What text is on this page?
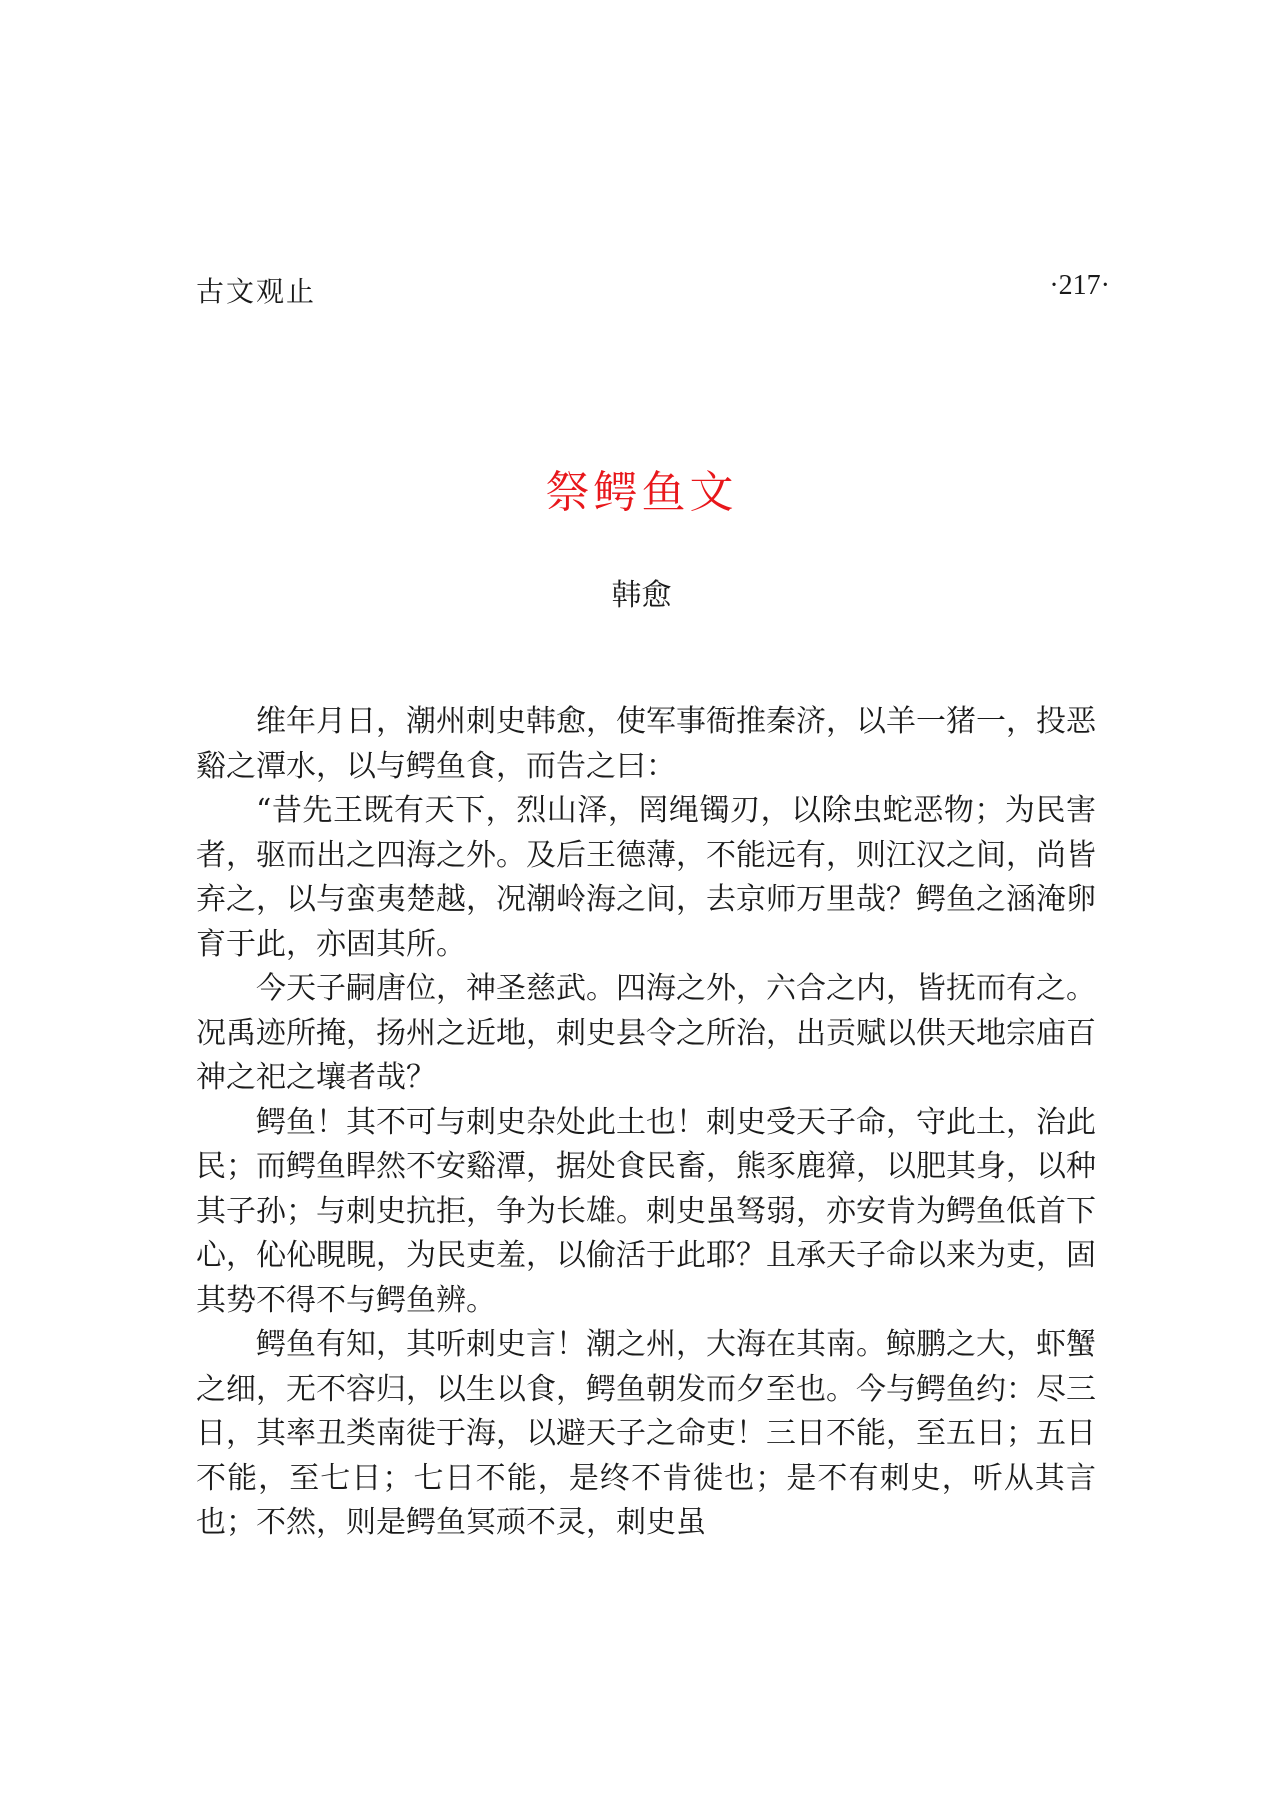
古文观止	·217·
祭鳄鱼文
韩愈

维年月日，潮州刺史韩愈，使军事衙推秦济，以羊一猪一，投恶谿之潭水，以与鳄鱼食，而告之曰：

“昔先王既有天下，烈山泽，罔绳镯刃，以除虫蛇恶物；为民害者，驱而出之四海之外。及后王德薄，不能远有，则江汉之间，尚皆弃之，以与蛮夷楚越，况潮岭海之间，去京师万里哉？鳄鱼之涵淹卵育于此，亦固其所。

今天子嗣唐位，神圣慈武。四海之外，六合之内，皆抚而有之。况禹迹所掩，扬州之近地，刺史县令之所治，出贡赋以供天地宗庙百神之祀之壤者哉？

鳄鱼！其不可与刺史杂处此土也！刺史受天子命，守此土，治此民；而鳄鱼睅然不安谿潭，据处食民畜，熊豕鹿獐，以肥其身，以种其子孙；与刺史抗拒，争为长雄。刺史虽驽弱，亦安肯为鳄鱼低首下心，伈伈睍睍，为民吏羞，以偷活于此耶？且承天子命以来为吏，固其势不得不与鳄鱼辨。

鳄鱼有知，其听刺史言！潮之州，大海在其南。鲸鹏之大，虾蟹之细，无不容归，以生以食，鳄鱼朝发而夕至也。今与鳄鱼约：尽三日，其率丑类南徙于海，以避天子之命吏！三日不能，至五日；五日不能，至七日；七日不能，是终不肯徙也；是不有刺史，听从其言也；不然，则是鳄鱼冥顽不灵，刺史虽
